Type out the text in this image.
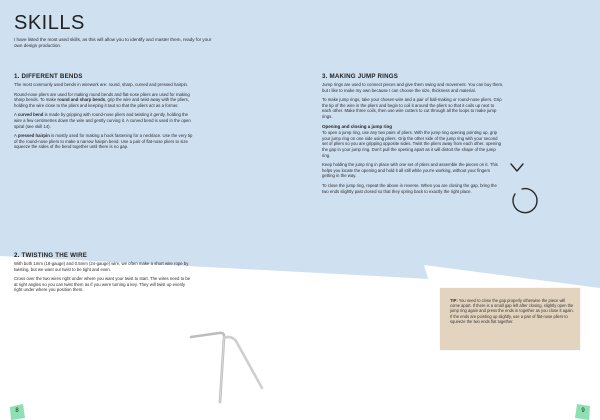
SKILLS
I have listed the most used skills, as this will allow you to identify and master them, ready for your own design production.
1. DIFFERENT BENDS

The most commonly used bends in wirework are: round, sharp, curved and pressed hairpin.

Round-nose pliers are used for making round bends and flat-nose pliers are used for making sharp bends. To make round and sharp bends, grip the wire and twist away with the pliers, holding the wire close to the pliers and keeping it taut so that the pliers act as a former.

A curved bend is made by gripping with round-nose pliers and twisting it gently, holding the wire a few centimetres down the wire and gently curving it. A curved bend is used in the open spiral (see skill 14).

A pressed hairpin is mostly used for making a hook fastening for a necklace. Use the very tip of the round-nose pliers to make a narrow hairpin bend. Use a pair of flat-nose pliers to size squeeze the sides of the bend together until there is no gap.

2. TWISTING THE WIRE

With both 1mm (18-gauge) and 0.5mm (24-gauge) wire, we often make a short wire rope by twisting, but we want our twist to be tight and even.

Cross over the two wires right under where you want your twist to start. The wires need to be at right angles so you can twist them as if you were turning a key. They will twist up evenly right under where you position them.

3. MAKING JUMP RINGS

Jump rings are used to connect pieces and give them swing and movement. You can buy them, but I like to make my own because I can choose the size, thickness and material.

To make jump rings, take your chosen wire and a pair of ball-making or round-nose pliers. Grip the tip of the wire in the pliers and begin to coil it around the pliers so that it coils up next to each other. Make three coils, then use wire cutters to cut through all the loops to make jump rings.

Opening and closing a jump ring

To open a jump ring, use any two pairs of pliers. With the jump ring opening pointing up, grip your jump ring on one side using pliers. Grip the other side of the jump ring with your second set of pliers so you are gripping opposite sides. Twist the pliers away from each other, opening the gap in your jump ring. Don't pull the opening apart as it will distort the shape of the jump ring.

Keep holding the jump ring in place with one set of pliers and assemble the pieces on it. This helps you locate the opening and hold it all still while you're working, without your fingers getting in the way.

To close the jump ring, repeat the above in reverse. When you are closing the gap, bring the two ends slightly past closed so that they spring back to exactly the right place.

TIP: You need to close the gap properly otherwise the piece will come apart. If there is a small gap left after closing, slightly open the jump ring again and press the ends in together as you close it again. If the ends are pointing up slightly, use a pair of flat-nose pliers to squeeze the two ends flat together.
8	9
